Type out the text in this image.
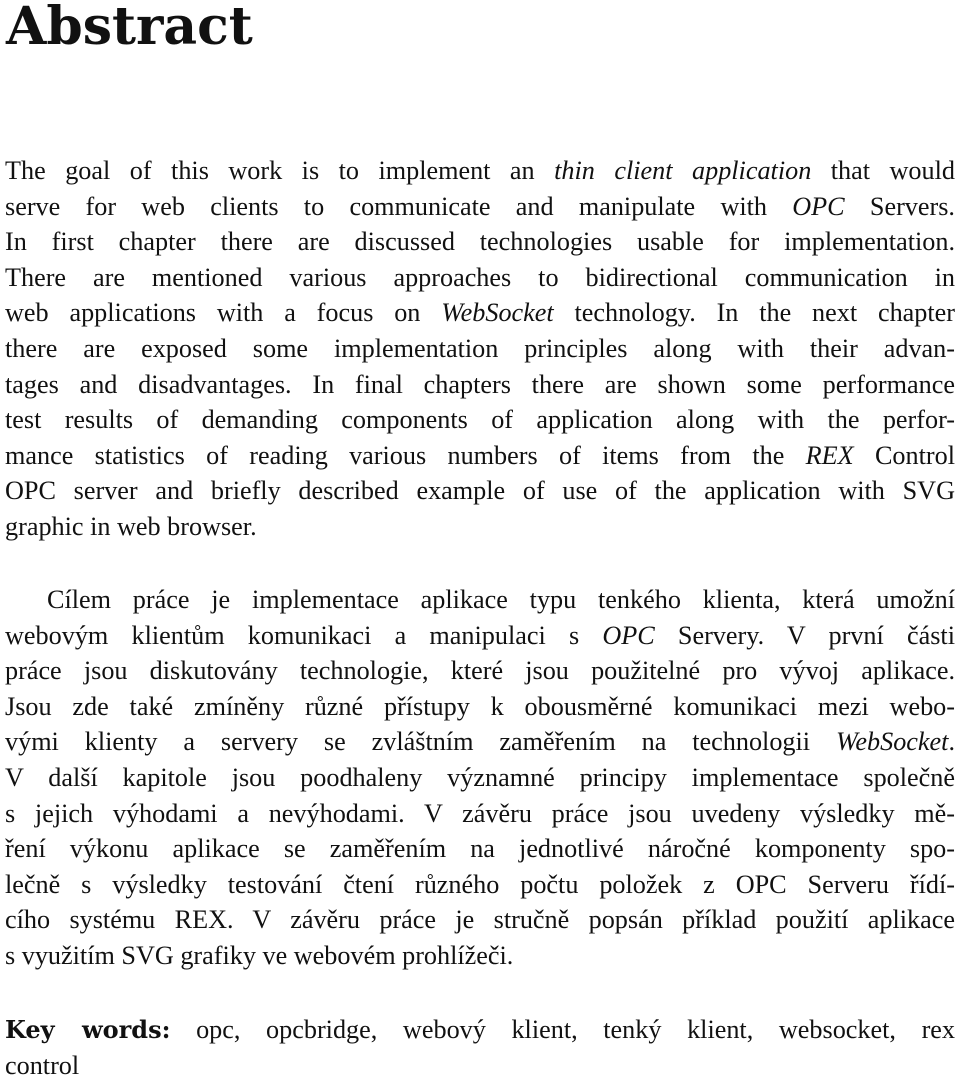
Abstract
The goal of this work is to implement an thin client application that would
serve for web clients to communicate and manipulate with OPC Servers.
In first chapter there are discussed technologies usable for implementation.
There are mentioned various approaches to bidirectional communication in
web applications with a focus on WebSocket technology. In the next chapter
there are exposed some implementation principles along with their advan-
tages and disadvantages. In final chapters there are shown some performance
test results of demanding components of application along with the perfor-
mance statistics of reading various numbers of items from the REX Control
OPC server and briefly described example of use of the application with SVG
graphic in web browser.
Cílem práce je implementace aplikace typu tenkého klienta, která umožní
webovým klientům komunikaci a manipulaci s OPC Servery. V první části
práce jsou diskutovány technologie, které jsou použitelné pro vývoj aplikace.
Jsou zde také zmíněny různé přístupy k obousměrné komunikaci mezi webo-
vými klienty a servery se zvláštním zaměřením na technologii WebSocket.
V další kapitole jsou poodhaleny významné principy implementace společně
s jejich výhodami a nevýhodami. V závěru práce jsou uvedeny výsledky mě-
ření výkonu aplikace se zaměřením na jednotlivé náročné komponenty spo-
lečně s výsledky testování čtení různého počtu položek z OPC Serveru řídí-
cího systému REX. V závěru práce je stručně popsán příklad použití aplikace
s využitím SVG grafiky ve webovém prohlížeči.
Key words: opc, opcbridge, webový klient, tenký klient, websocket, rex
control
